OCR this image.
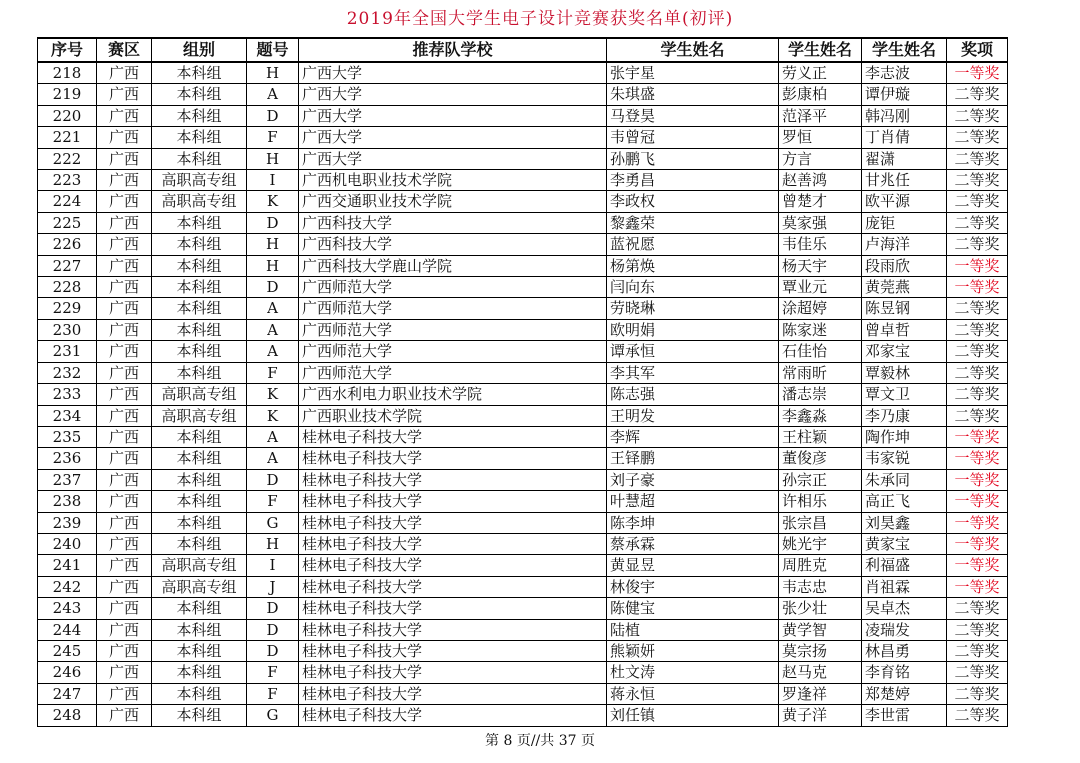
2019年全国大学生电子设计竞赛获奖名单(初评)
序号	赛区	组别	题号	推荐队学校	学生姓名	学生姓名	学生姓名	奖项
218	广西	本科组	H	广西大学	张宇星	劳义正	李志波	一等奖
219	广西	本科组	A	广西大学	朱琪盛	彭康柏	谭伊璇	二等奖
220	广西	本科组	D	广西大学	马登昊	范泽平	韩冯刚	二等奖
221	广西	本科组	F	广西大学	韦曾冠	罗恒	丁肖倩	二等奖
222	广西	本科组	H	广西大学	孙鹏飞	方言	翟潇	二等奖
223	广西	高职高专组	I	广西机电职业技术学院	李勇昌	赵善鸿	甘兆任	二等奖
224	广西	高职高专组	K	广西交通职业技术学院	李政权	曾楚才	欧平源	二等奖
225	广西	本科组	D	广西科技大学	黎鑫荣	莫家强	庞钜	二等奖
226	广西	本科组	H	广西科技大学	蓝祝愿	韦佳乐	卢海洋	二等奖
227	广西	本科组	H	广西科技大学鹿山学院	杨第焕	杨天宇	段雨欣	一等奖
228	广西	本科组	D	广西师范大学	闫向东	覃业元	黄莞燕	一等奖
229	广西	本科组	A	广西师范大学	劳晓琳	涂超婷	陈昱钢	二等奖
230	广西	本科组	A	广西师范大学	欧明娟	陈家迷	曾卓哲	二等奖
231	广西	本科组	A	广西师范大学	谭承恒	石佳怡	邓家宝	二等奖
232	广西	本科组	F	广西师范大学	李其军	常雨昕	覃毅林	二等奖
233	广西	高职高专组	K	广西水利电力职业技术学院	陈志强	潘志崇	覃文卫	二等奖
234	广西	高职高专组	K	广西职业技术学院	王明发	李鑫淼	李乃康	二等奖
235	广西	本科组	A	桂林电子科技大学	李辉	王柱颖	陶作坤	一等奖
236	广西	本科组	A	桂林电子科技大学	王铎鹏	董俊彦	韦家锐	一等奖
237	广西	本科组	D	桂林电子科技大学	刘子豪	孙宗正	朱承同	一等奖
238	广西	本科组	F	桂林电子科技大学	叶慧超	许相乐	高正飞	一等奖
239	广西	本科组	G	桂林电子科技大学	陈李坤	张宗昌	刘昊鑫	一等奖
240	广西	本科组	H	桂林电子科技大学	蔡承霖	姚光宇	黄家宝	一等奖
241	广西	高职高专组	I	桂林电子科技大学	黄显昱	周胜克	利福盛	一等奖
242	广西	高职高专组	J	桂林电子科技大学	林俊宇	韦志忠	肖祖霖	一等奖
243	广西	本科组	D	桂林电子科技大学	陈健宝	张少壮	吴卓杰	二等奖
244	广西	本科组	D	桂林电子科技大学	陆植	黄学智	凌瑞发	二等奖
245	广西	本科组	D	桂林电子科技大学	熊颖妍	莫宗扬	林昌勇	二等奖
246	广西	本科组	F	桂林电子科技大学	杜文涛	赵马克	李育铭	二等奖
247	广西	本科组	F	桂林电子科技大学	蒋永恒	罗逢祥	郑楚婷	二等奖
248	广西	本科组	G	桂林电子科技大学	刘任镇	黄子洋	李世雷	二等奖
第 8 页//共 37 页
